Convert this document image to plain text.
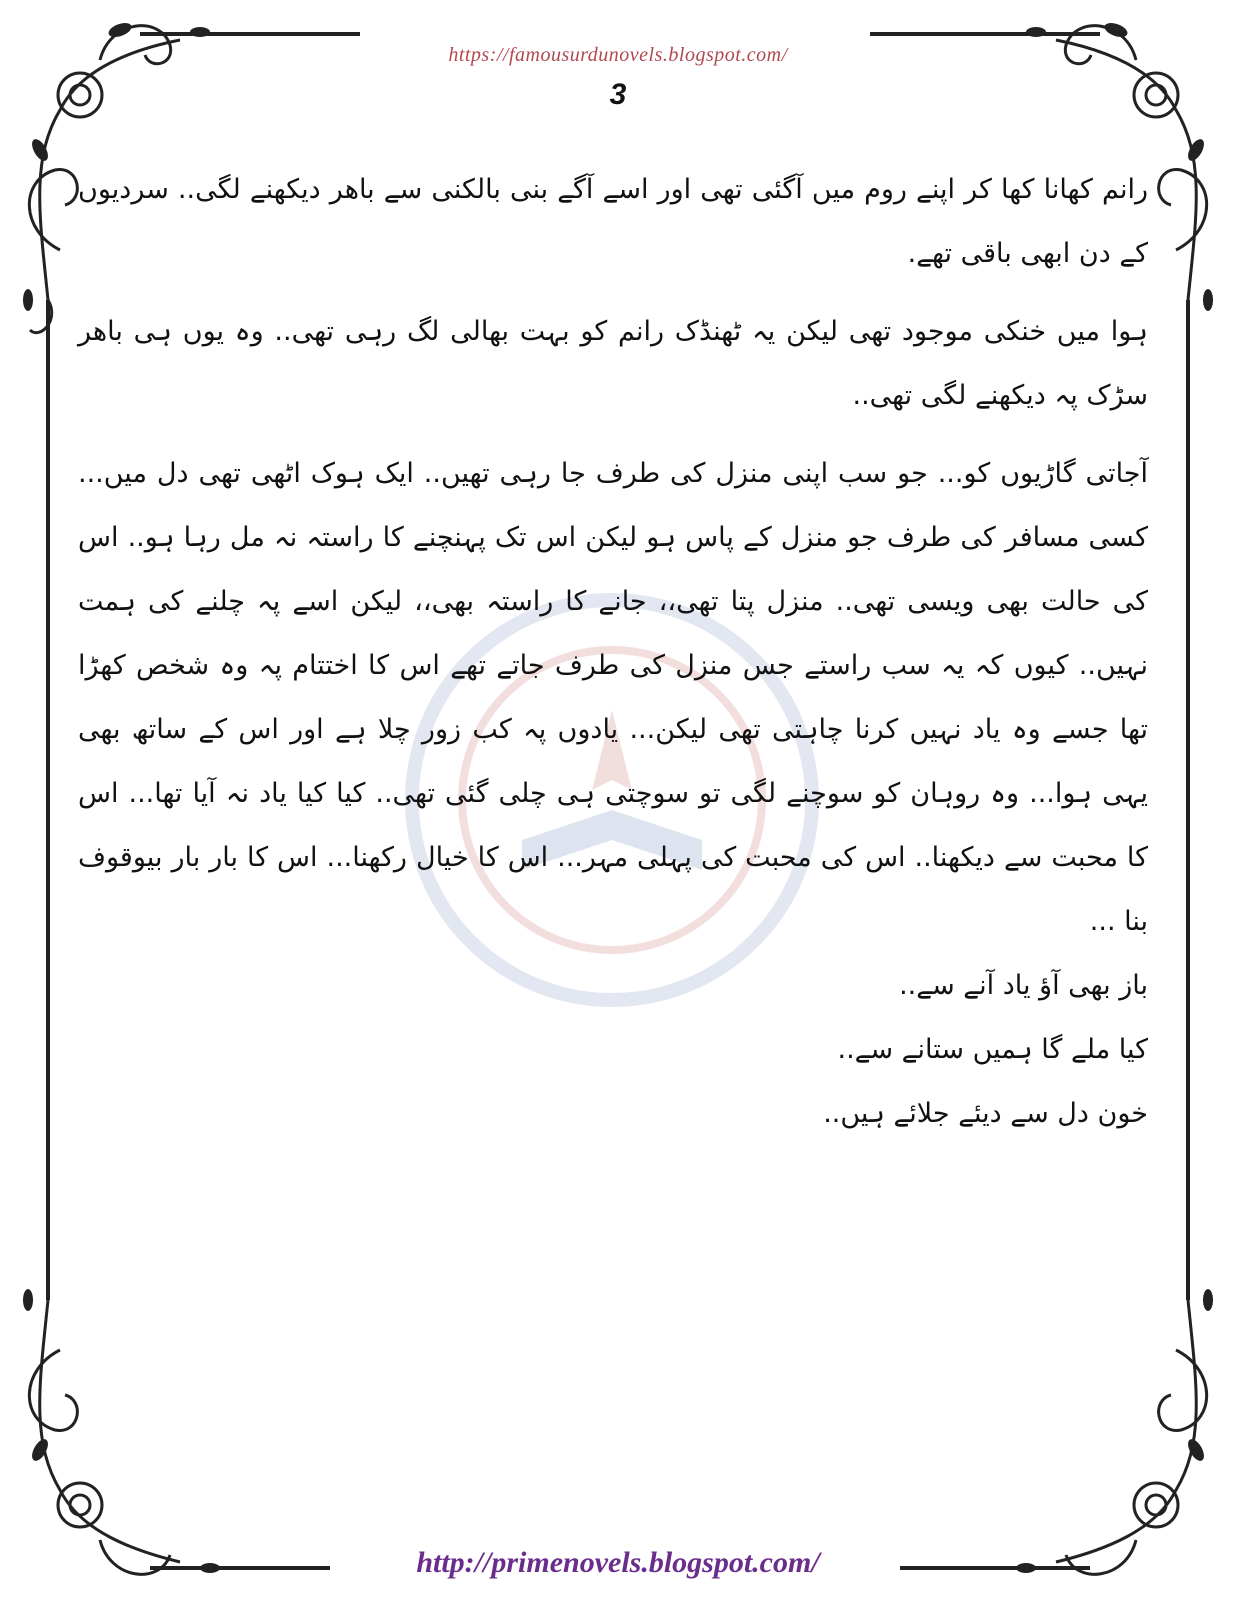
https://famousurdunovels.blogspot.com/
3

رانم کھانا کھا کر اپنے روم میں آگئی تھی اور اسے آگے بنی بالکنی سے باھر دیکھنے لگی.. سردیوں کے دن ابھی باقی تھے.

ہوا میں خنکی موجود تھی لیکن یہ ٹھنڈک رانم کو بہت بھالی لگ رہی تھی.. وہ یوں ہی باھر سڑک پہ دیکھنے لگی تھی..

آجاتی گاڑیوں کو... جو سب اپنی منزل کی طرف جا رہی تھیں.. ایک ہوک اٹھی تھی دل میں... کسی مسافر کی طرف جو منزل کے پاس ہو لیکن اس تک پہنچنے کا راستہ نہ مل رہا ہو.. اس کی حالت بھی ویسی تھی.. منزل پتا تھی،، جانے کا راستہ بھی،، لیکن اسے پہ چلنے کی ہمت نہیں.. کیوں کہ یہ سب راستے جس منزل کی طرف جاتے تھے اس کا اختتام پہ وہ شخص کھڑا تھا جسے وہ یاد نہیں کرنا چاہتی تھی لیکن... یادوں پہ کب زور چلا ہے اور اس کے ساتھ بھی یہی ہوا... وہ روہان کو سوچنے لگی تو سوچتی ہی چلی گئی تھی.. کیا کیا یاد نہ آیا تھا... اس کا محبت سے دیکھنا.. اس کی محبت کی پہلی مہر... اس کا خیال رکھنا... اس کا بار بار بیوقوف بنا ...

باز بھی آؤ یاد آنے سے..

کیا ملے گا ہمیں ستانے سے..

خون دل سے دیئے جلائے ہیں..

http://primenovels.blogspot.com/
